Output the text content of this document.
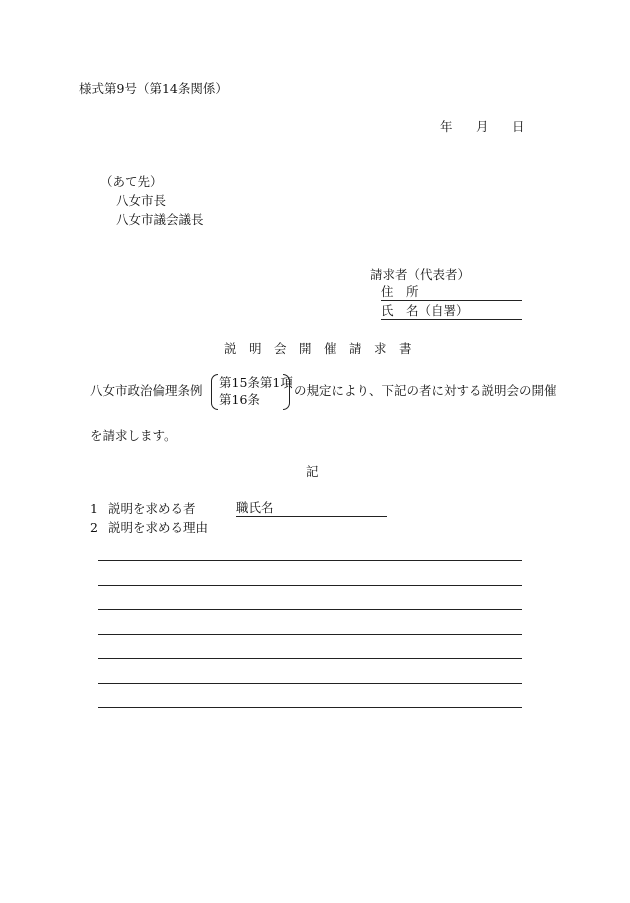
様式第9号（第14条関係）
年 月 日
（あて先）
八女市長
八女市議会議長
請求者（代表者）
住　所
氏　名（自署）
説　明　会　開　催　請　求　書
八女市政治倫理条例
第15条第1項
第16条
の規定により、下記の者に対する説明会の開催
を請求します。
記
1 説明を求める者	職氏名
2 説明を求める理由
